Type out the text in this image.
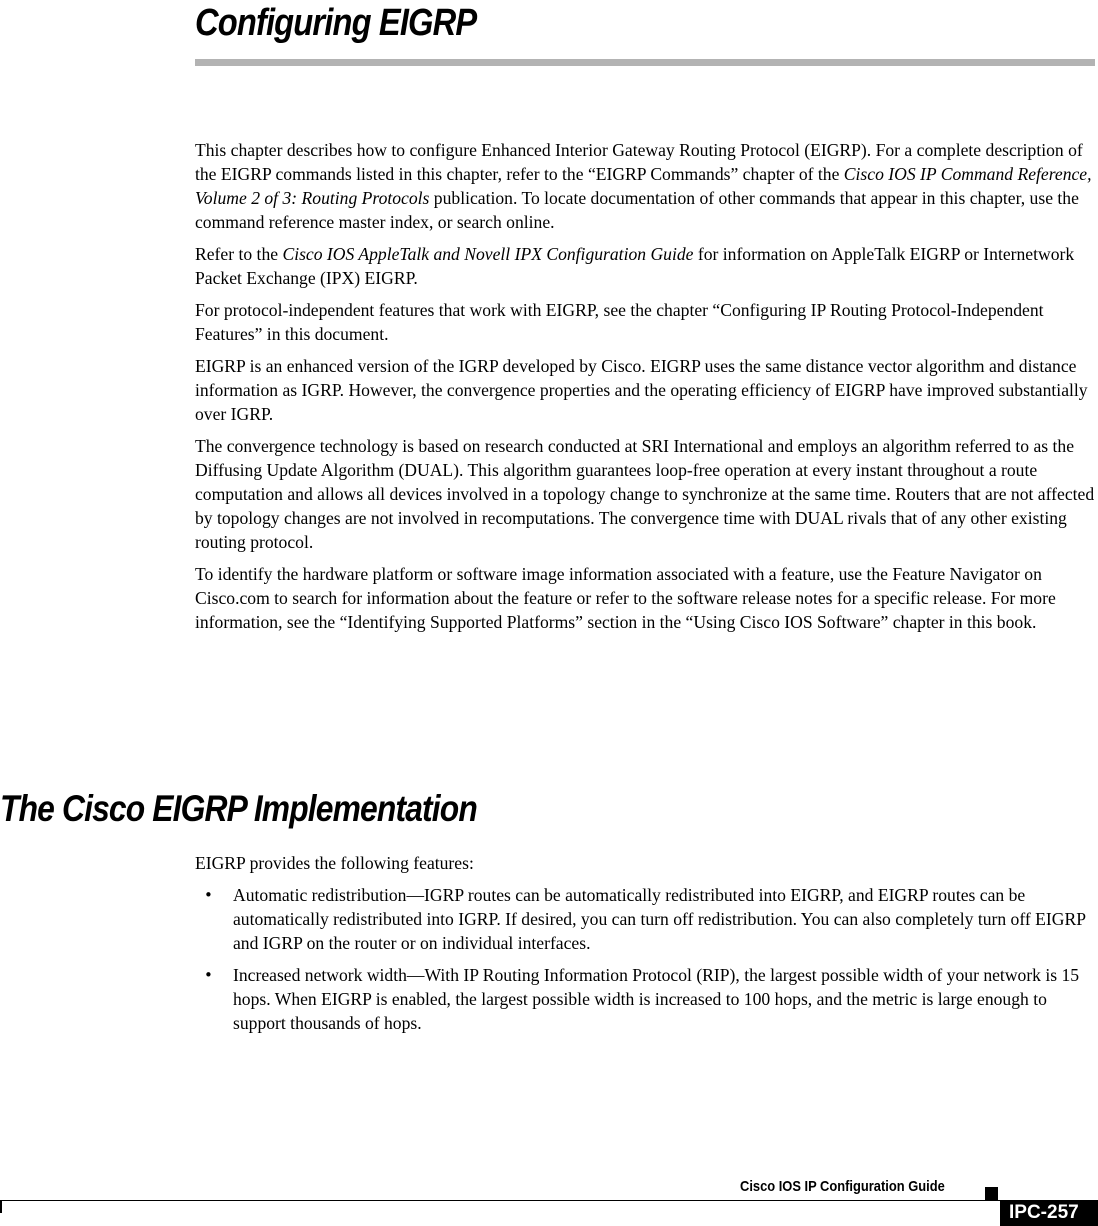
Configuring EIGRP

This chapter describes how to configure Enhanced Interior Gateway Routing Protocol (EIGRP). For a complete description of the EIGRP commands listed in this chapter, refer to the “EIGRP Commands” chapter of the Cisco IOS IP Command Reference, Volume 2 of 3: Routing Protocols publication. To locate documentation of other commands that appear in this chapter, use the command reference master index, or search online.

Refer to the Cisco IOS AppleTalk and Novell IPX Configuration Guide for information on AppleTalk EIGRP or Internetwork Packet Exchange (IPX) EIGRP.

For protocol-independent features that work with EIGRP, see the chapter “Configuring IP Routing Protocol-Independent Features” in this document.

EIGRP is an enhanced version of the IGRP developed by Cisco. EIGRP uses the same distance vector algorithm and distance information as IGRP. However, the convergence properties and the operating efficiency of EIGRP have improved substantially over IGRP.

The convergence technology is based on research conducted at SRI International and employs an algorithm referred to as the Diffusing Update Algorithm (DUAL). This algorithm guarantees loop-free operation at every instant throughout a route computation and allows all devices involved in a topology change to synchronize at the same time. Routers that are not affected by topology changes are not involved in recomputations. The convergence time with DUAL rivals that of any other existing routing protocol.

To identify the hardware platform or software image information associated with a feature, use the Feature Navigator on Cisco.com to search for information about the feature or refer to the software release notes for a specific release. For more information, see the “Identifying Supported Platforms” section in the “Using Cisco IOS Software” chapter in this book.

The Cisco EIGRP Implementation

EIGRP provides the following features:

• Automatic redistribution—IGRP routes can be automatically redistributed into EIGRP, and EIGRP routes can be automatically redistributed into IGRP. If desired, you can turn off redistribution. You can also completely turn off EIGRP and IGRP on the router or on individual interfaces.
• Increased network width—With IP Routing Information Protocol (RIP), the largest possible width of your network is 15 hops. When EIGRP is enabled, the largest possible width is increased to 100 hops, and the metric is large enough to support thousands of hops.
Cisco IOS IP Configuration Guide
IPC-257
